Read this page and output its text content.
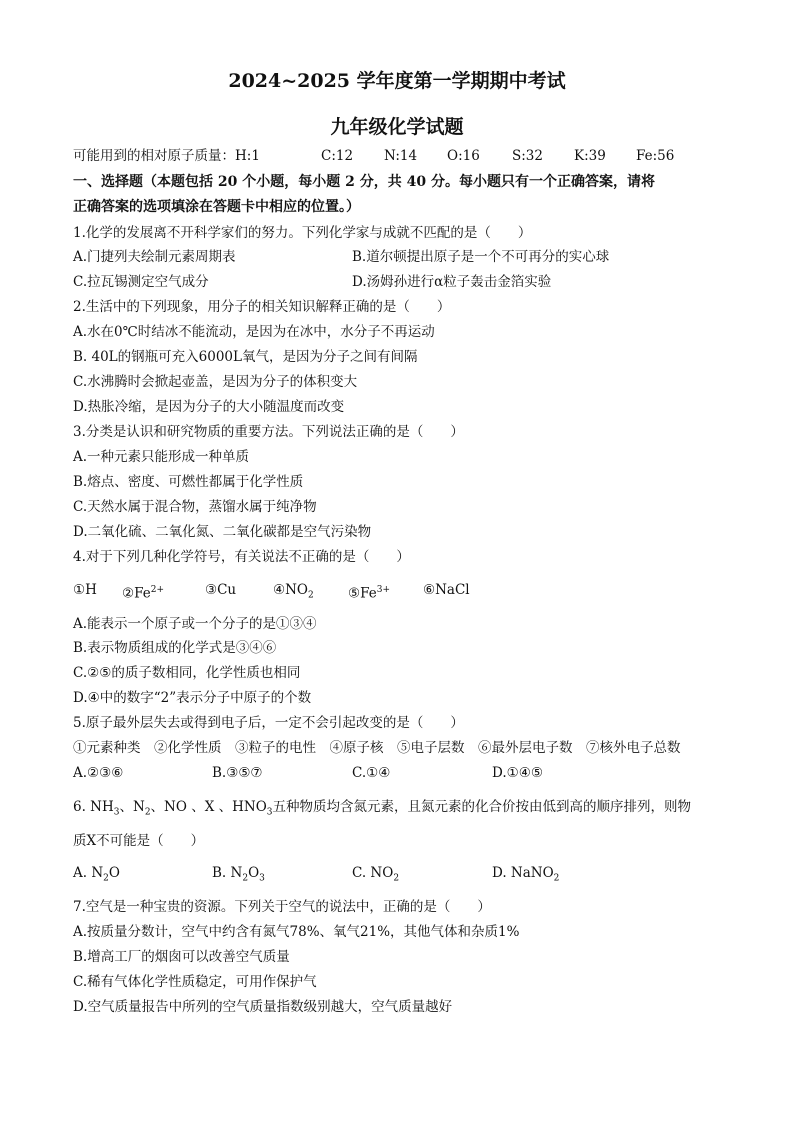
2024~2025 学年度第一学期期中考试
九年级化学试题
可能用到的相对原子质量： H:1	C:12 N:14 O:16 S:32 K:39 Fe:56
一、选择题（本题包括 20 个小题，每小题 2 分，共 40 分。每小题只有一个正确答案，请将
正确答案的选项填涂在答题卡中相应的位置。）
1.化学的发展离不开科学家们的努力。下列化学家与成就不匹配的是（　　）
A.门捷列夫绘制元素周期表	B.道尔顿提出原子是一个不可再分的实心球
C.拉瓦锡测定空气成分	D.汤姆孙进行α粒子轰击金箔实验
2.生活中的下列现象，用分子的相关知识解释正确的是（　　）
A.水在0℃时结冰不能流动，是因为在冰中，水分子不再运动
B. 40L的钢瓶可充入6000L氧气，是因为分子之间有间隔
C.水沸腾时会掀起壶盖，是因为分子的体积变大
D.热胀冷缩，是因为分子的大小随温度而改变
3.分类是认识和研究物质的重要方法。下列说法正确的是（　　）
A.一种元素只能形成一种单质
B.熔点、密度、可燃性都属于化学性质
C.天然水属于混合物，蒸馏水属于纯净物
D.二氧化硫、二氧化氮、二氧化碳都是空气污染物
4.对于下列几种化学符号，有关说法不正确的是（　　）
①H $②Fe^{2+}$	③Cu	$④NO_2$	$⑤Fe^{3+}$ ⑥NaCl
A.能表示一个原子或一个分子的是①③④
B.表示物质组成的化学式是③④⑥
C.②⑤的质子数相同，化学性质也相同
D.④中的数字“2”表示分子中原子的个数
5.原子最外层失去或得到电子后，一定不会引起改变的是（　　）
①元素种类　②化学性质　③粒子的电性　④原子核　⑤电子层数　⑥最外层电子数　⑦核外电子总数
A.②③⑥	B.③⑤⑦	C.①④	D.①④⑤
6. $NH_3$、$N_2$、NO 、X 、$HNO_3$五种物质均含氮元素，且氮元素的化合价按由低到高的顺序排列，则物
质X不可能是（　　）
A. $N_2O$	B. $N_2O_3$	C. $NO_2$	D. NaNO$_2$
7.空气是一种宝贵的资源。下列关于空气的说法中，正确的是（　　）
A.按质量分数计，空气中约含有氮气78%、氧气21%，其他气体和杂质1%
B.增高工厂的烟囱可以改善空气质量
C.稀有气体化学性质稳定，可用作保护气
D.空气质量报告中所列的空气质量指数级别越大，空气质量越好
